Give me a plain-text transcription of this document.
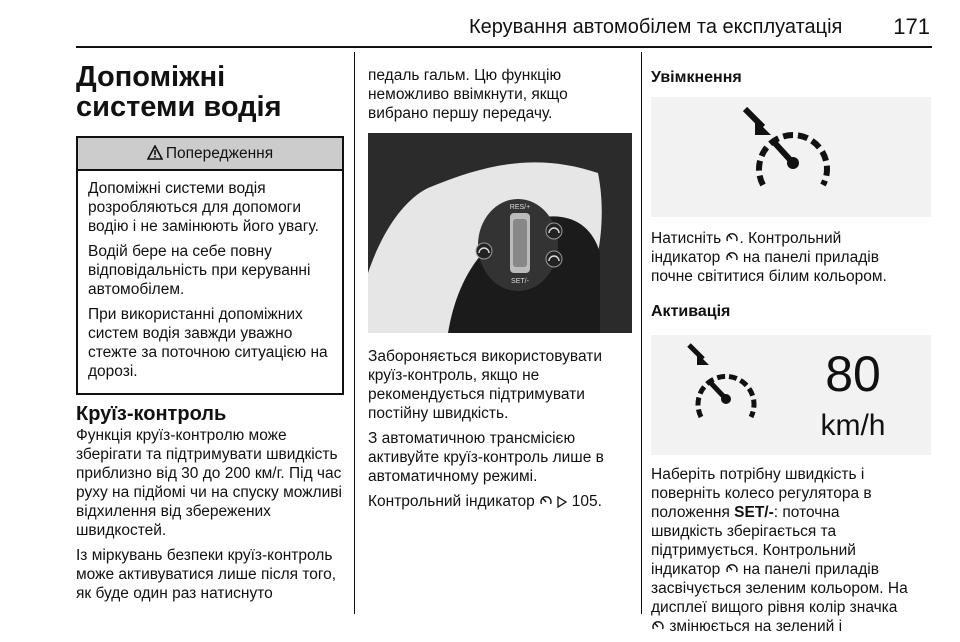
Керування автомобілем та експлуатація 171
Допоміжні системи водія
Попередження

Допоміжні системи водія розробляються для допомоги водію і не замінюють його увагу.

Водій бере на себе повну відповідальність при керуванні автомобілем.

При використанні допоміжних систем водія завжди уважно стежте за поточною ситуацією на дорозі.

Круїз-контроль

Функція круїз-контролю може зберігати та підтримувати швидкість приблизно від 30 до 200 км/г. Під час руху на підйомі чи на спуску можливі відхилення від збережених швидкостей.

Із міркувань безпеки круїз-контроль може активуватися лише після того, як буде один раз натиснуто

педаль гальм. Цю функцію неможливо ввімкнути, якщо вибрано першу передачу.

RES/+
SET/-

Забороняється використовувати круїз-контроль, якщо не рекомендується підтримувати постійну швидкість.

З автоматичною трансмісією активуйте круїз-контроль лише в автоматичному режимі.

Контрольний індикатор 105.

Увімкнення

Натисніть . Контрольний

індикатор на панелі приладів

почне світитися білим кольором.

Активація
80
km/h

Наберіть потрібну швидкість і

поверніть колесо регулятора в

положення SET/-: поточна

швидкість зберігається та

підтримується. Контрольний

індикатор на панелі приладів

засвічується зеленим кольором. На

дисплеї вищого рівня колір значка

змінюється на зелений і
